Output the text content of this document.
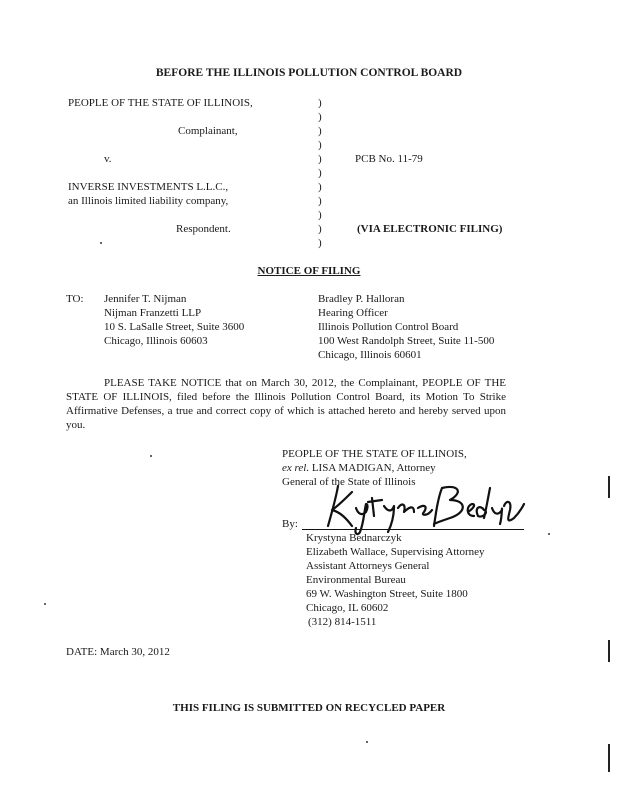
BEFORE THE ILLINOIS POLLUTION CONTROL BOARD
PEOPLE OF THE STATE OF ILLINOIS,
Complainant,
v.
INVERSE INVESTMENTS L.L.C.,
an Illinois limited liability company,
Respondent.
)
)
)
)
)
)
)
)
)
)
)
PCB No. 11-79
(VIA ELECTRONIC FILING)
NOTICE OF FILING
TO: Jennifer T. Nijman
Nijman Franzetti LLP
10 S. LaSalle Street, Suite 3600
Chicago, Illinois 60603
Bradley P. Halloran
Hearing Officer
Illinois Pollution Control Board
100 West Randolph Street, Suite 11-500
Chicago, Illinois 60601
PLEASE TAKE NOTICE that on March 30, 2012, the Complainant, PEOPLE OF THE STATE OF ILLINOIS, filed before the Illinois Pollution Control Board, its Motion To Strike Affirmative Defenses, a true and correct copy of which is attached hereto and hereby served upon you.
PEOPLE OF THE STATE OF ILLINOIS,
ex rel. LISA MADIGAN, Attorney
General of the State of Illinois
By:
Krystyna Bednarczyk
Elizabeth Wallace, Supervising Attorney
Assistant Attorneys General
Environmental Bureau
69 W. Washington Street, Suite 1800
Chicago, IL 60602
(312) 814-1511
DATE: March 30, 2012
THIS FILING IS SUBMITTED ON RECYCLED PAPER
